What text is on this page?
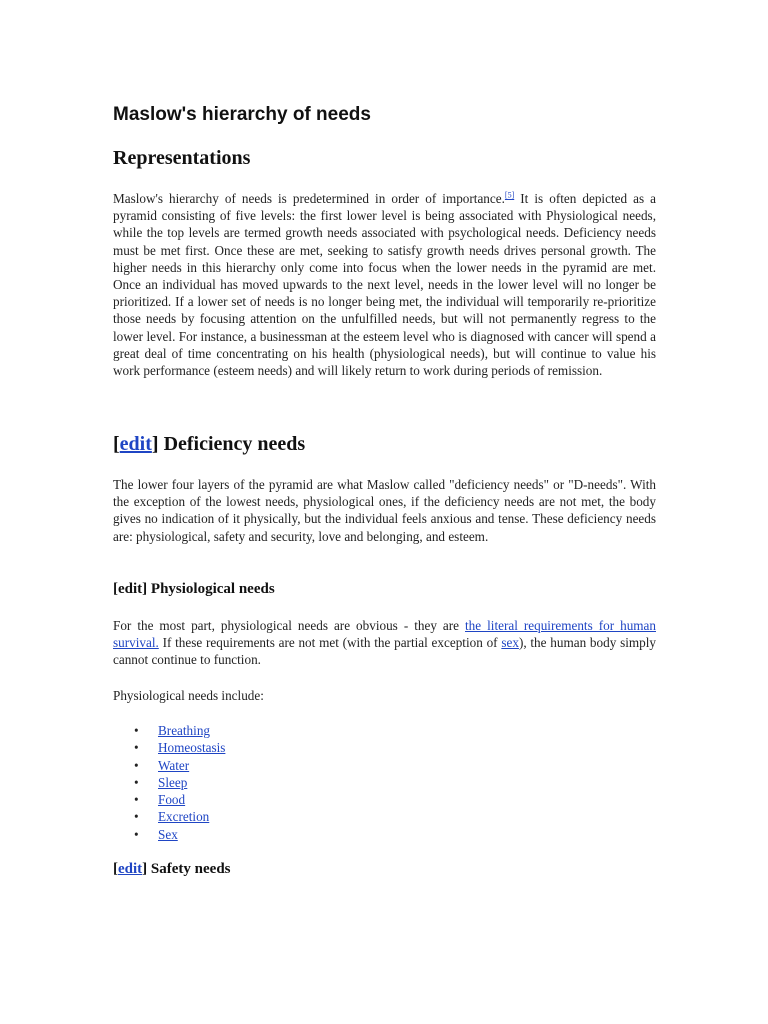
Maslow's hierarchy of needs
Representations

Maslow's hierarchy of needs is predetermined in order of importance.[5] It is often depicted as a pyramid consisting of five levels: the first lower level is being associated with Physiological needs, while the top levels are termed growth needs associated with psychological needs. Deficiency needs must be met first. Once these are met, seeking to satisfy growth needs drives personal growth. The higher needs in this hierarchy only come into focus when the lower needs in the pyramid are met. Once an individual has moved upwards to the next level, needs in the lower level will no longer be prioritized. If a lower set of needs is no longer being met, the individual will temporarily re-prioritize those needs by focusing attention on the unfulfilled needs, but will not permanently regress to the lower level. For instance, a businessman at the esteem level who is diagnosed with cancer will spend a great deal of time concentrating on his health (physiological needs), but will continue to value his work performance (esteem needs) and will likely return to work during periods of remission.

[edit] Deficiency needs

The lower four layers of the pyramid are what Maslow called "deficiency needs" or "D-needs". With the exception of the lowest needs, physiological ones, if the deficiency needs are not met, the body gives no indication of it physically, but the individual feels anxious and tense. These deficiency needs are: physiological, safety and security, love and belonging, and esteem.

[edit] Physiological needs

For the most part, physiological needs are obvious - they are the literal requirements for human survival. If these requirements are not met (with the partial exception of sex), the human body simply cannot continue to function.

Physiological needs include:

• Breathing
• Homeostasis
• Water
• Sleep
• Food
• Excretion
• Sex
[edit] Safety needs
